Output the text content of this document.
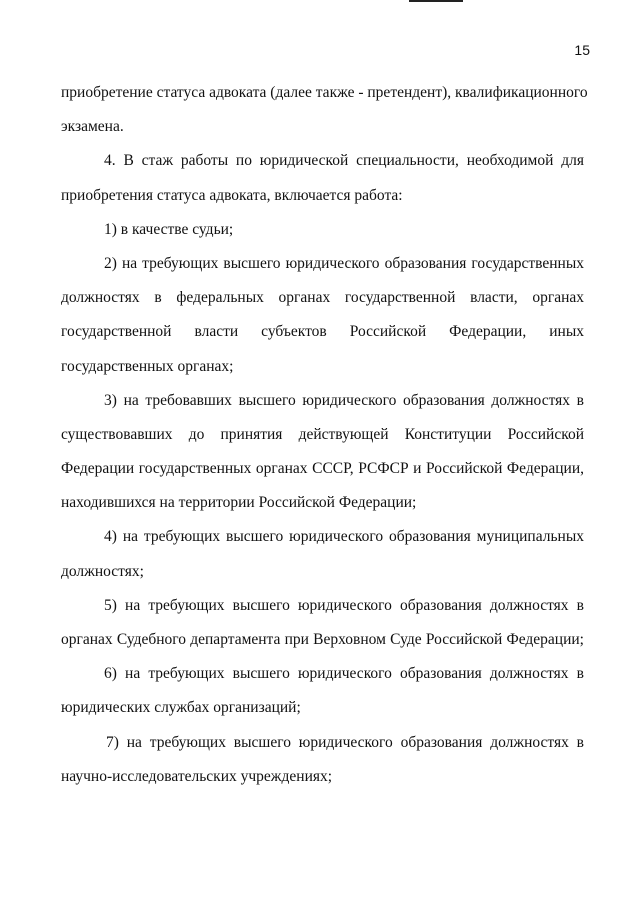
15
приобретение статуса адвоката (далее также - претендент), квалификационного
экзамена.
4. В стаж работы по юридической специальности, необходимой для
приобретения статуса адвоката, включается работа:
1) в качестве судьи;
2) на требующих высшего юридического образования государственных
должностях в федеральных органах государственной власти, органах
государственной власти субъектов Российской Федерации, иных
государственных органах;
3) на требовавших высшего юридического образования должностях в
существовавших до принятия действующей Конституции Российской
Федерации государственных органах СССР, РСФСР и Российской Федерации,
находившихся на территории Российской Федерации;
4) на требующих высшего юридического образования муниципальных
должностях;
5) на требующих высшего юридического образования должностях в
органах Судебного департамента при Верховном Суде Российской Федерации;
6) на требующих высшего юридического образования должностях в
юридических службах организаций;
7) на требующих высшего юридического образования должностях в
научно-исследовательских учреждениях;
